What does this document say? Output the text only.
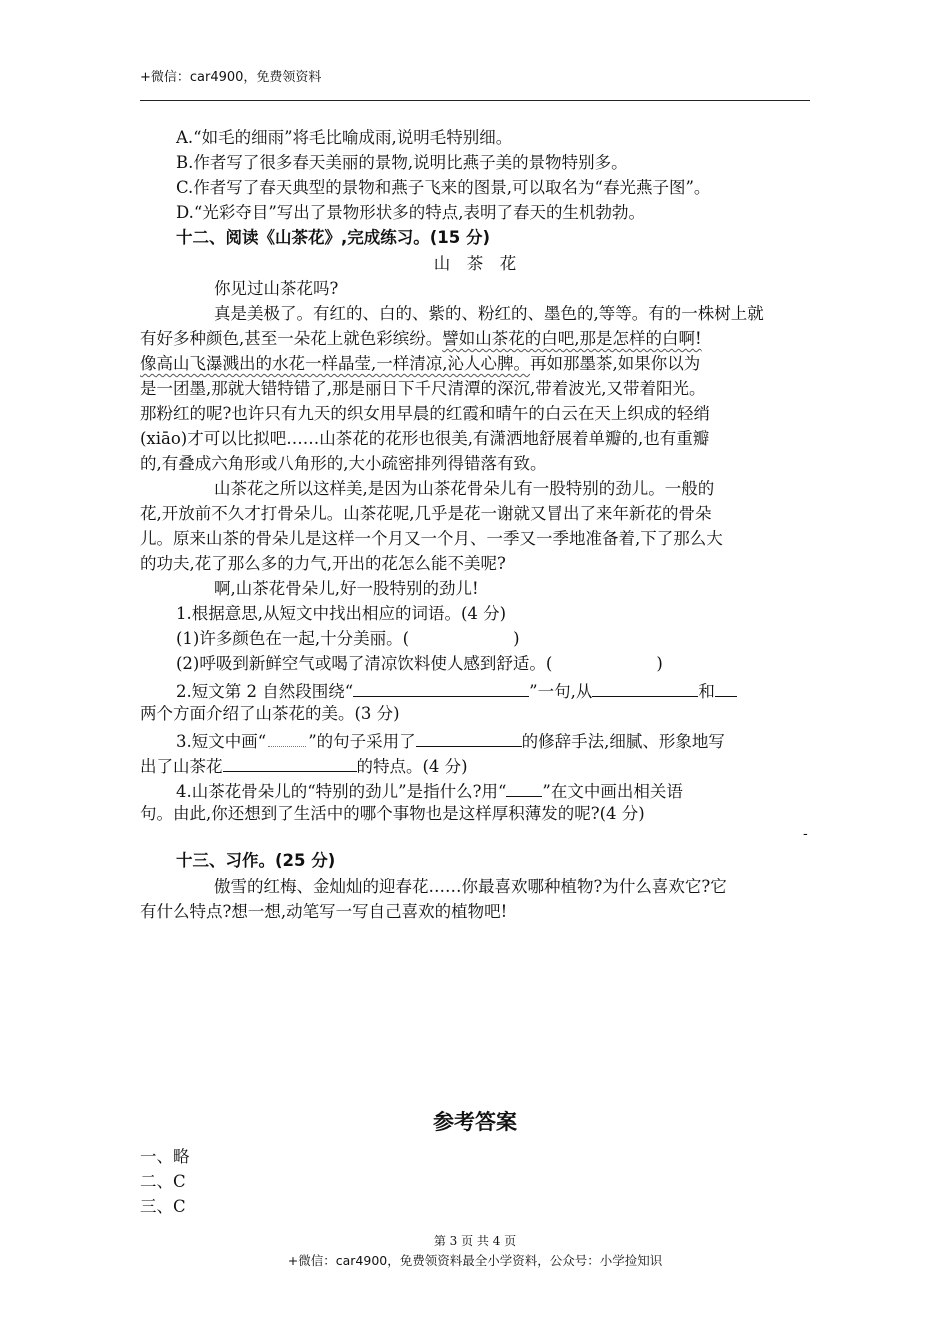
+微信：car4900，免费领资料
A.“如毛的细雨”将毛比喻成雨,说明毛特别细。
B.作者写了很多春天美丽的景物,说明比燕子美的景物特别多。
C.作者写了春天典型的景物和燕子飞来的图景,可以取名为“春光燕子图”。
D.“光彩夺目”写出了景物形状多的特点,表明了春天的生机勃勃。
十二、阅读《山茶花》,完成练习。(15 分)
山　茶　花
你见过山茶花吗?
真是美极了。有红的、白的、紫的、粉红的、墨色的,等等。有的一株树上就
有好多种颜色,甚至一朵花上就色彩缤纷。譬如山茶花的白吧,那是怎样的白啊!
像高山飞瀑溅出的水花一样晶莹,一样清凉,沁人心脾。再如那墨茶,如果你以为
是一团墨,那就大错特错了,那是丽日下千尺清潭的深沉,带着波光,又带着阳光。
那粉红的呢?也许只有九天的织女用早晨的红霞和晴午的白云在天上织成的轻绡
(xiāo)才可以比拟吧……山茶花的花形也很美,有潇洒地舒展着单瓣的,也有重瓣
的,有叠成六角形或八角形的,大小疏密排列得错落有致。
山茶花之所以这样美,是因为山茶花骨朵儿有一股特别的劲儿。一般的
花,开放前不久才打骨朵儿。山茶花呢,几乎是花一谢就又冒出了来年新花的骨朵
儿。原来山茶的骨朵儿是这样一个月又一个月、一季又一季地准备着,下了那么大
的功夫,花了那么多的力气,开出的花怎么能不美呢?
啊,山茶花骨朵儿,好一股特别的劲儿!
1.根据意思,从短文中找出相应的词语。(4 分)
(1)许多颜色在一起,十分美丽。(	)
(2)呼吸到新鲜空气或喝了清凉饮料使人感到舒适。(	)
2.短文第 2 自然段围绕“	”一句,从	和
两个方面介绍了山茶花的美。(3 分)
3.短文中画“	”的句子采用了	的修辞手法,细腻、形象地写
出了山茶花	的特点。(4 分)
4.山茶花骨朵儿的“特别的劲儿”是指什么?用“ ”在文中画出相关语
句。由此,你还想到了生活中的哪个事物也是这样厚积薄发的呢?(4 分)
-
十三、习作。(25 分)
傲雪的红梅、金灿灿的迎春花……你最喜欢哪种植物?为什么喜欢它?它
有什么特点?想一想,动笔写一写自己喜欢的植物吧!
参考答案
一、略
二、C
三、C
第 3 页 共 4 页
+微信：car4900，免费领资料最全小学资料，公众号：小学捡知识
